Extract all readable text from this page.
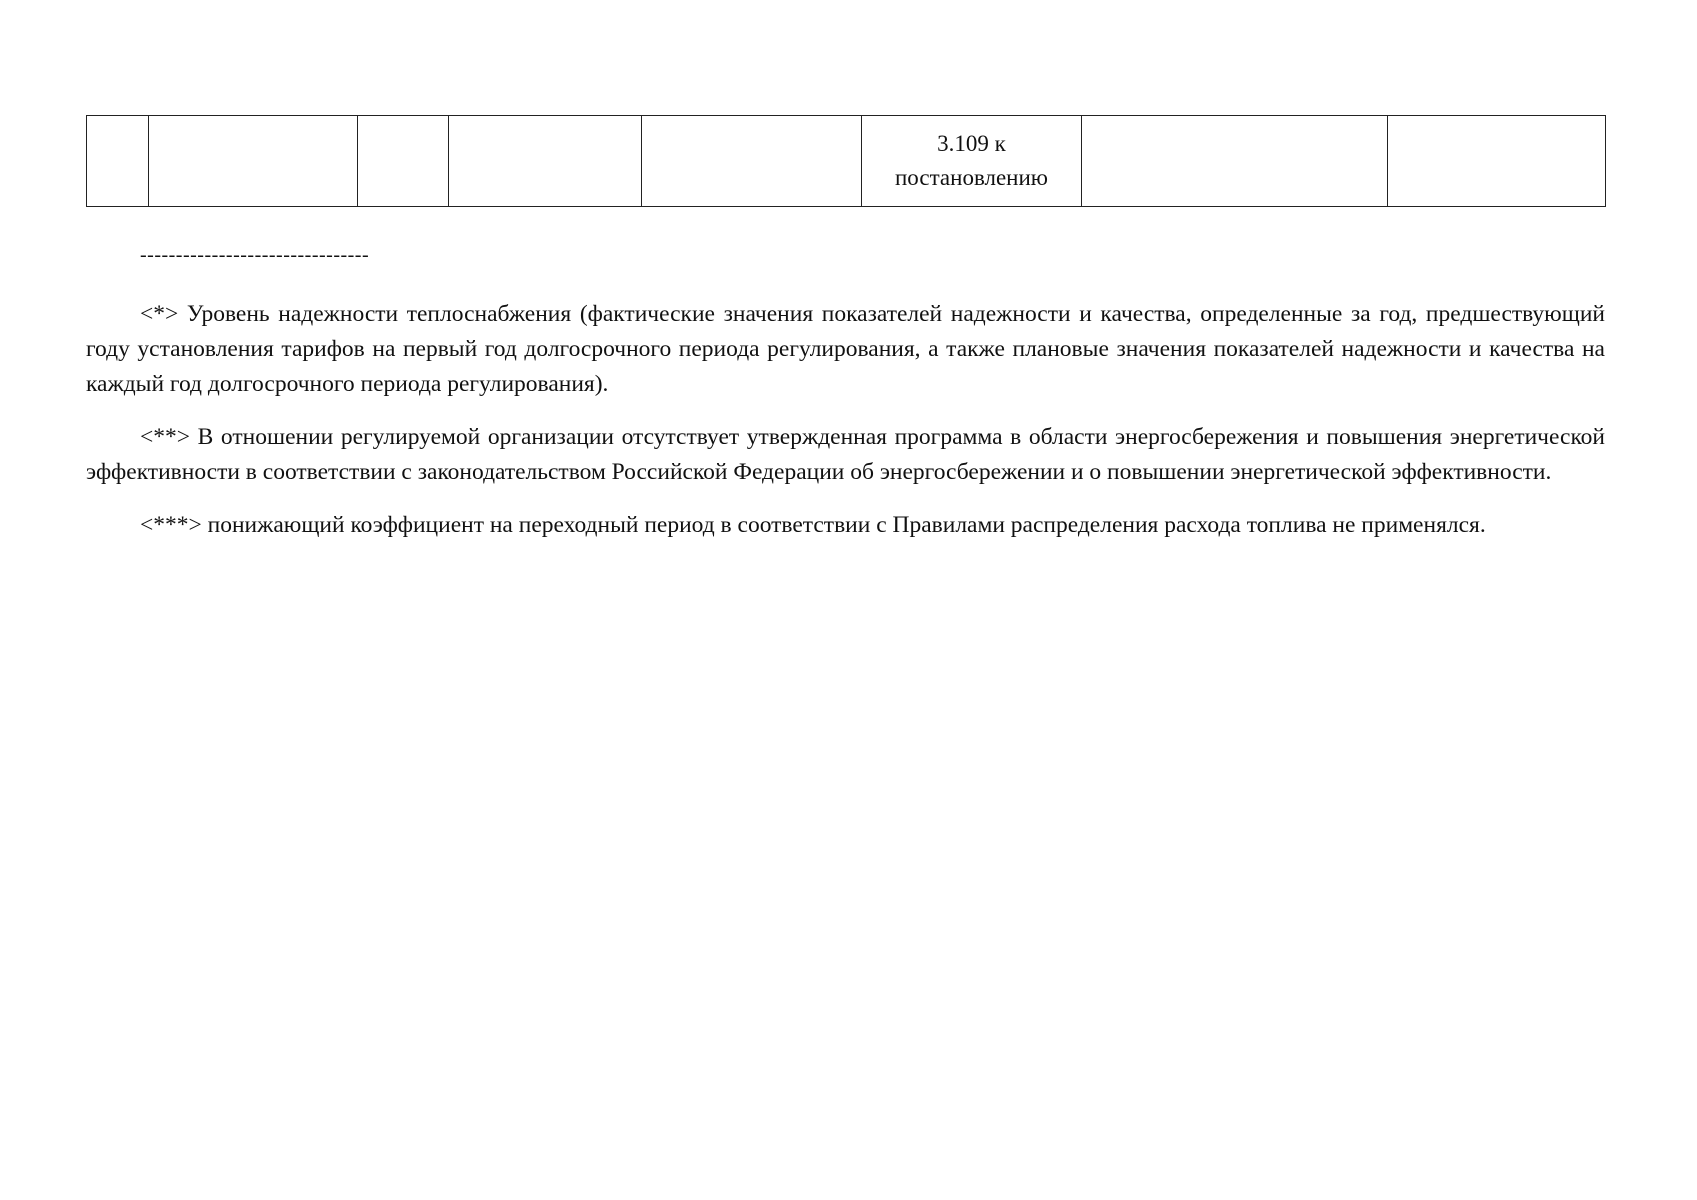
					3.109 к постановлению		
--------------------------------

<*> Уровень надежности теплоснабжения (фактические значения показателей надежности и качества, определенные за год, предшествующий году установления тарифов на первый год долгосрочного периода регулирования, а также плановые значения показателей надежности и качества на каждый год долгосрочного периода регулирования).

<**> В отношении регулируемой организации отсутствует утвержденная программа в области энергосбережения и повышения энергетической эффективности в соответствии с законодательством Российской Федерации об энергосбережении и о повышении энергетической эффективности.

<***> понижающий коэффициент на переходный период в соответствии с Правилами распределения расхода топлива не применялся.
